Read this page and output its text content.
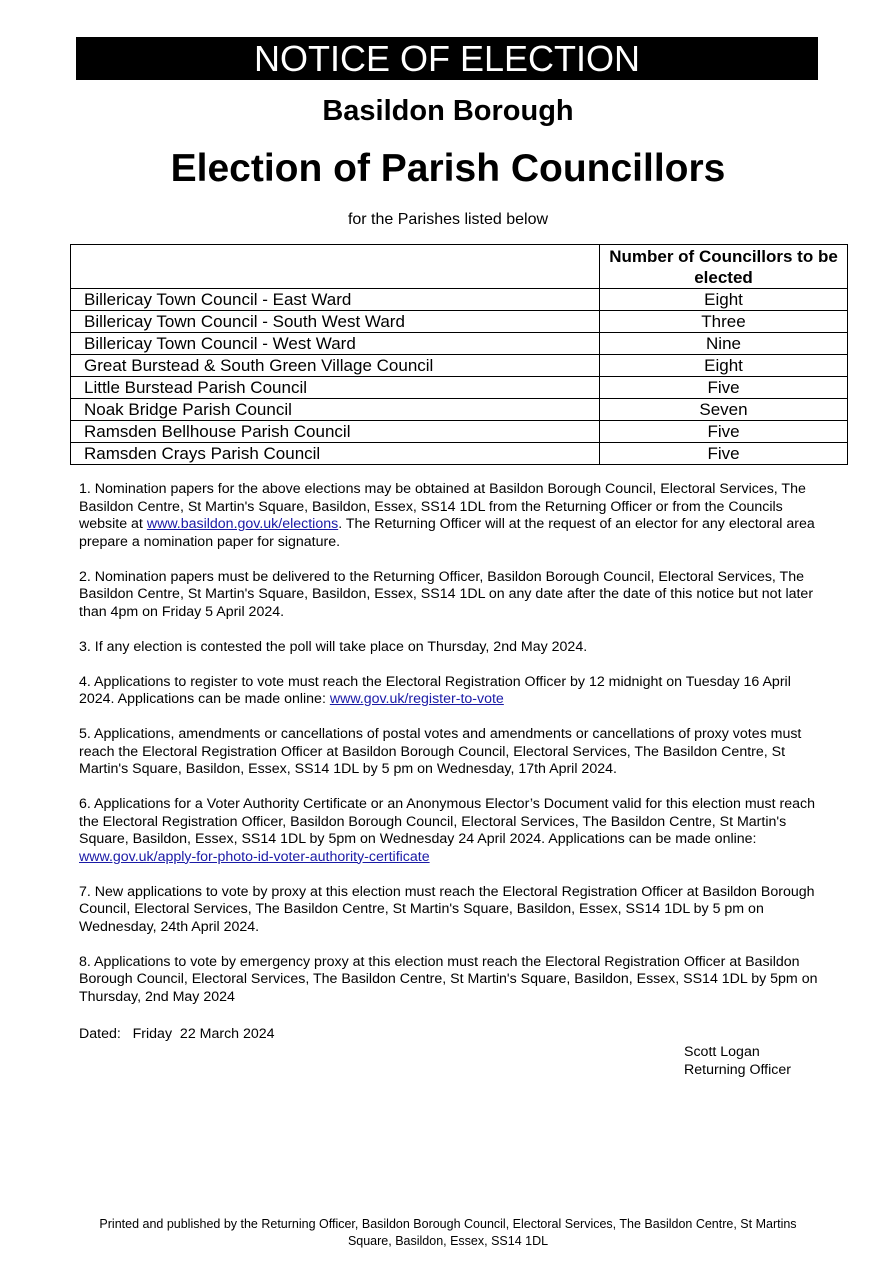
NOTICE OF ELECTION
Basildon Borough
Election of Parish Councillors
for the Parishes listed below
	Number of Councillors to be elected
Billericay Town Council - East Ward	Eight
Billericay Town Council - South West Ward	Three
Billericay Town Council - West Ward	Nine
Great Burstead & South Green Village Council	Eight
Little Burstead Parish Council	Five
Noak Bridge Parish Council	Seven
Ramsden Bellhouse Parish Council	Five
Ramsden Crays Parish Council	Five

1. Nomination papers for the above elections may be obtained at Basildon Borough Council, Electoral Services, The Basildon Centre, St Martin's Square, Basildon, Essex, SS14 1DL from the Returning Officer or from the Councils website at www.basildon.gov.uk/elections. The Returning Officer will at the request of an elector for any electoral area prepare a nomination paper for signature.

2. Nomination papers must be delivered to the Returning Officer, Basildon Borough Council, Electoral Services, The Basildon Centre, St Martin's Square, Basildon, Essex, SS14 1DL on any date after the date of this notice but not later than 4pm on Friday 5 April 2024.

3. If any election is contested the poll will take place on Thursday, 2nd May 2024.

4. Applications to register to vote must reach the Electoral Registration Officer by 12 midnight on Tuesday 16 April 2024. Applications can be made online: www.gov.uk/register-to-vote

5. Applications, amendments or cancellations of postal votes and amendments or cancellations of proxy votes must reach the Electoral Registration Officer at Basildon Borough Council, Electoral Services, The Basildon Centre, St Martin's Square, Basildon, Essex, SS14 1DL by 5 pm on Wednesday, 17th April 2024.

6. Applications for a Voter Authority Certificate or an Anonymous Elector’s Document valid for this election must reach the Electoral Registration Officer, Basildon Borough Council, Electoral Services, The Basildon Centre, St Martin's Square, Basildon, Essex, SS14 1DL by 5pm on Wednesday 24 April 2024. Applications can be made online: www.gov.uk/apply-for-photo-id-voter-authority-certificate

7. New applications to vote by proxy at this election must reach the Electoral Registration Officer at Basildon Borough Council, Electoral Services, The Basildon Centre, St Martin's Square, Basildon, Essex, SS14 1DL by 5 pm on Wednesday, 24th April 2024.

8. Applications to vote by emergency proxy at this election must reach the Electoral Registration Officer at Basildon Borough Council, Electoral Services, The Basildon Centre, St Martin's Square, Basildon, Essex, SS14 1DL by 5pm on Thursday, 2nd May 2024

Dated:   Friday  22 March 2024
Scott Logan
Returning Officer
Printed and published by the Returning Officer, Basildon Borough Council, Electoral Services, The Basildon Centre, St Martins Square, Basildon, Essex, SS14 1DL
